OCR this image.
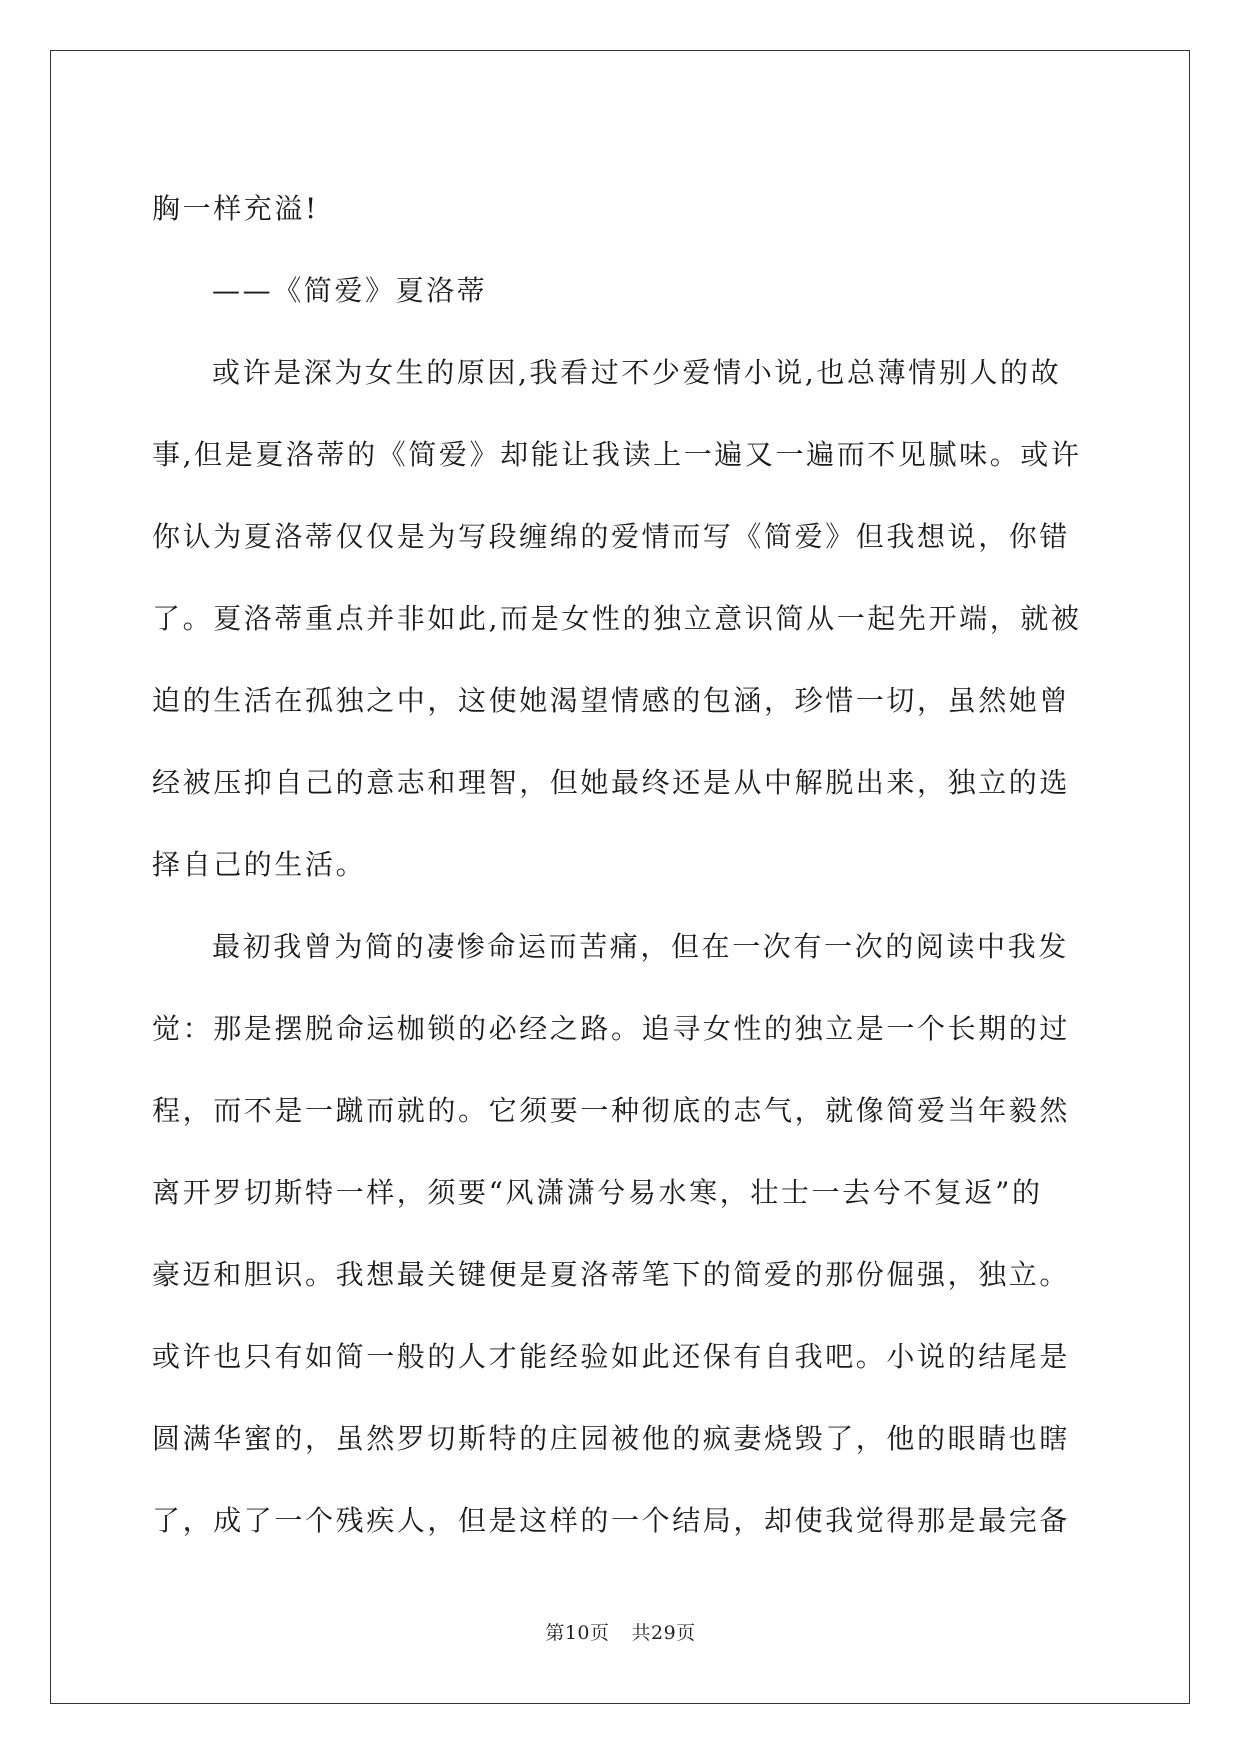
胸一样充溢!
——《简爱》夏洛蒂
或许是深为女生的原因,我看过不少爱情小说,也总薄情别人的故
事,但是夏洛蒂的《简爱》却能让我读上一遍又一遍而不见腻味。或许
你认为夏洛蒂仅仅是为写段缠绵的爱情而写《简爱》但我想说，你错
了。夏洛蒂重点并非如此,而是女性的独立意识简从一起先开端，就被
迫的生活在孤独之中，这使她渴望情感的包涵，珍惜一切，虽然她曾
经被压抑自己的意志和理智，但她最终还是从中解脱出来，独立的选
择自己的生活。
最初我曾为简的凄惨命运而苦痛，但在一次有一次的阅读中我发
觉：那是摆脱命运枷锁的必经之路。追寻女性的独立是一个长期的过
程，而不是一蹴而就的。它须要一种彻底的志气，就像简爱当年毅然
离开罗切斯特一样，须要“风潇潇兮易水寒，壮士一去兮不复返”的
豪迈和胆识。我想最关键便是夏洛蒂笔下的简爱的那份倔强，独立。
或许也只有如简一般的人才能经验如此还保有自我吧。小说的结尾是
圆满华蜜的，虽然罗切斯特的庄园被他的疯妻烧毁了，他的眼睛也瞎
了，成了一个残疾人，但是这样的一个结局，却使我觉得那是最完备
第10页 共29页
